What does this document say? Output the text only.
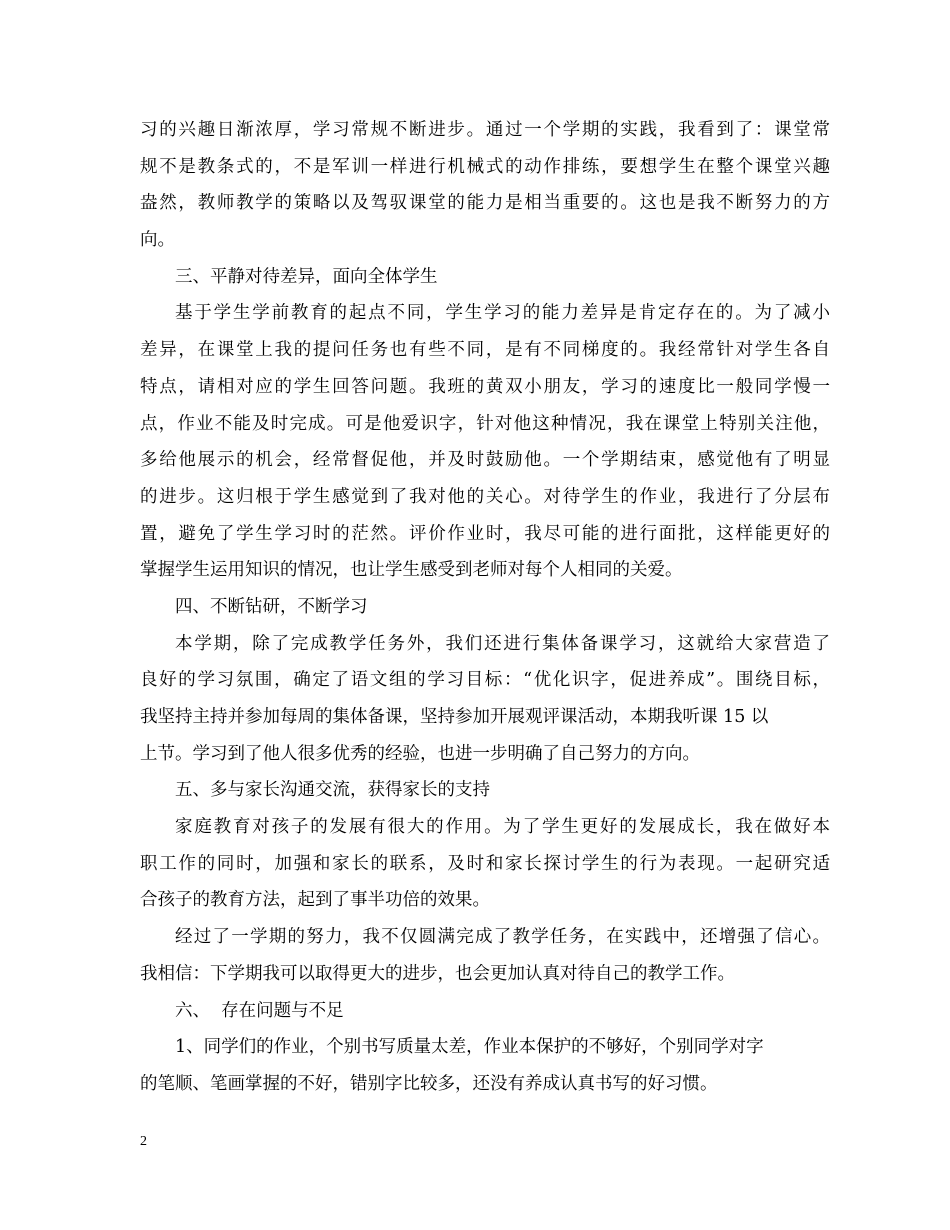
习的兴趣日渐浓厚，学习常规不断进步。通过一个学期的实践，我看到了：课堂常
规不是教条式的，不是军训一样进行机械式的动作排练，要想学生在整个课堂兴趣
盎然，教师教学的策略以及驾驭课堂的能力是相当重要的。这也是我不断努力的方
向。
三、平静对待差异，面向全体学生
基于学生学前教育的起点不同，学生学习的能力差异是肯定存在的。为了减小
差异，在课堂上我的提问任务也有些不同，是有不同梯度的。我经常针对学生各自
特点，请相对应的学生回答问题。我班的黄双小朋友，学习的速度比一般同学慢一
点，作业不能及时完成。可是他爱识字，针对他这种情况，我在课堂上特别关注他，
多给他展示的机会，经常督促他，并及时鼓励他。一个学期结束，感觉他有了明显
的进步。这归根于学生感觉到了我对他的关心。对待学生的作业，我进行了分层布
置，避免了学生学习时的茫然。评价作业时，我尽可能的进行面批，这样能更好的
掌握学生运用知识的情况，也让学生感受到老师对每个人相同的关爱。
四、不断钻研，不断学习
本学期，除了完成教学任务外，我们还进行集体备课学习，这就给大家营造了
良好的学习氛围，确定了语文组的学习目标：“优化识字，促进养成”。围绕目标，
我坚持主持并参加每周的集体备课，坚持参加开展观评课活动，本期我听课 15 以
上节。学习到了他人很多优秀的经验，也进一步明确了自己努力的方向。
五、多与家长沟通交流，获得家长的支持
家庭教育对孩子的发展有很大的作用。为了学生更好的发展成长，我在做好本
职工作的同时，加强和家长的联系，及时和家长探讨学生的行为表现。一起研究适
合孩子的教育方法，起到了事半功倍的效果。
经过了一学期的努力，我不仅圆满完成了教学任务，在实践中，还增强了信心。
我相信：下学期我可以取得更大的进步，也会更加认真对待自己的教学工作。
六、  存在问题与不足
1、同学们的作业，个别书写质量太差，作业本保护的不够好，个别同学对字
的笔顺、笔画掌握的不好，错别字比较多，还没有养成认真书写的好习惯。
2
